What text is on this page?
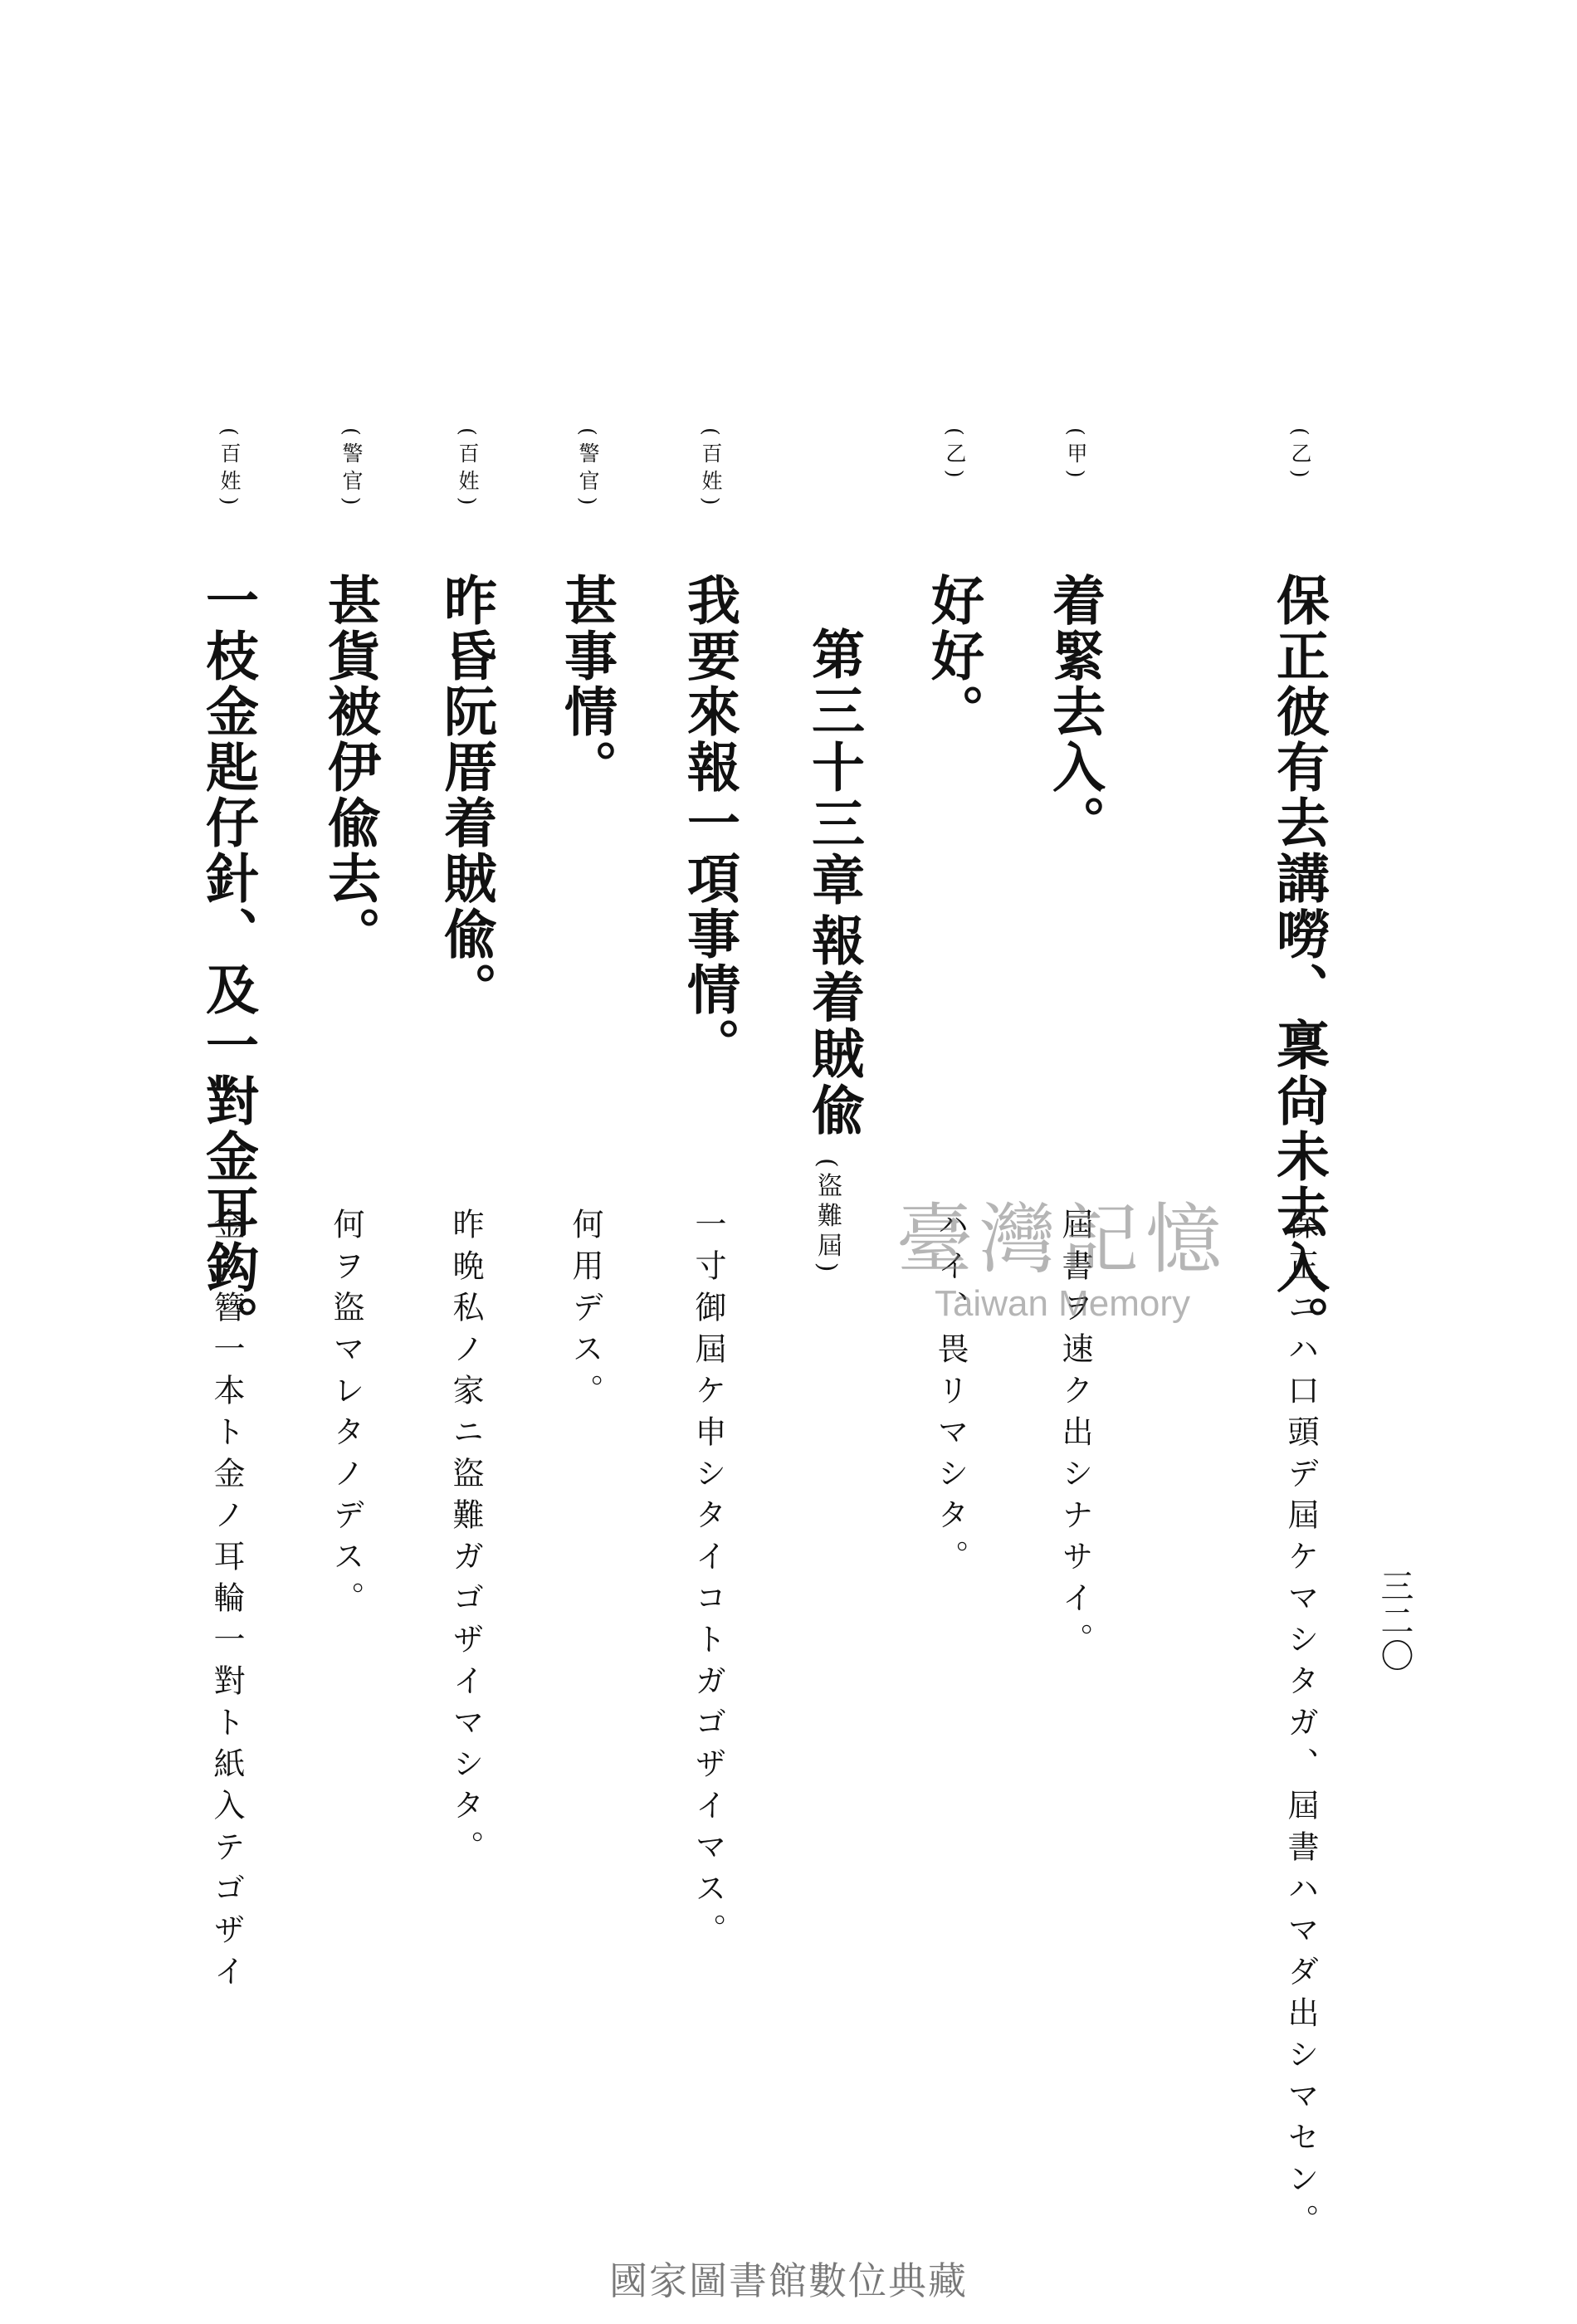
三二〇
(乙)
保正彼有去講嘮、稟尙未去入。
保正ニハ口頭デ屆ケマシタガ、屆書ハマダ出シマセン。
(甲)
着緊去入。
屆書ヲ速ク出シナサイ。
(乙)
好好。
ハイ、畏リマシタ。
第三十三章
報着賊偸
(盜難屆)
(百姓)
我要來報一項事情。
一寸御屆ケ申シタイコトガゴザイマス。
(警官)
甚事情。
何用デス。
(百姓)
昨昏阮厝着賊偸。
昨晩私ノ家ニ盜難ガゴザイマシタ。
(警官)
甚貨被伊偸去。
何ヲ盜マレタノデス。
(百姓)
一枝金匙仔針、及一對金耳鈎。
金ノ簪一本ト金ノ耳輪一對ト紙入テゴザイ	臺灣記憶
Taiwan Memory
國家圖書館數位典藏
